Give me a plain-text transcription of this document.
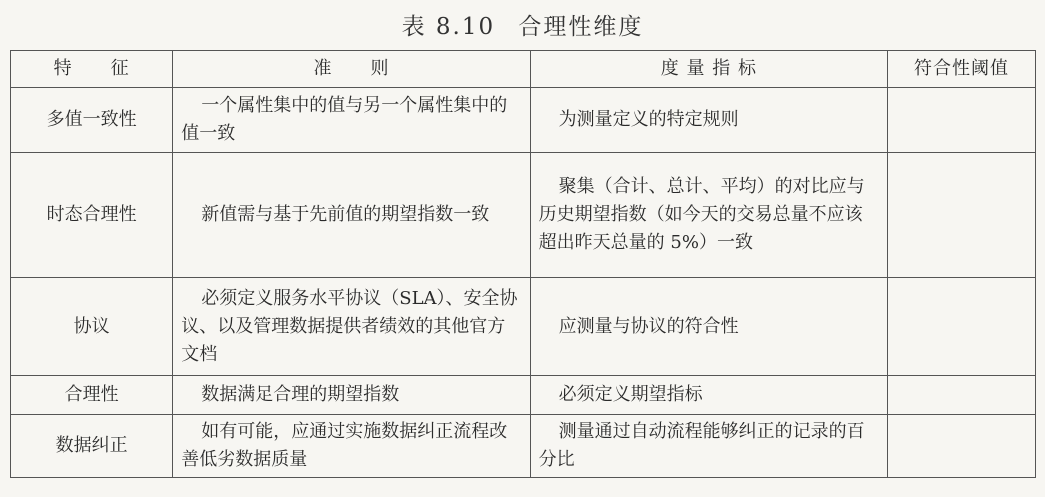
表 8.10 合理性维度
特　　征	准　　则	度 量 指 标	符合性阈值
多值一致性	一个属性集中的值与另一个属性集中的值一致	为测量定义的特定规则	
时态合理性	新值需与基于先前值的期望指数一致	聚集（合计、总计、平均）的对比应与历史期望指数（如今天的交易总量不应该超出昨天总量的 5%）一致	
协议	必须定义服务水平协议（SLA）、安全协议、以及管理数据提供者绩效的其他官方文档	应测量与协议的符合性	
合理性	数据满足合理的期望指数	必须定义期望指标	
数据纠正	如有可能，应通过实施数据纠正流程改善低劣数据质量	测量通过自动流程能够纠正的记录的百分比	
